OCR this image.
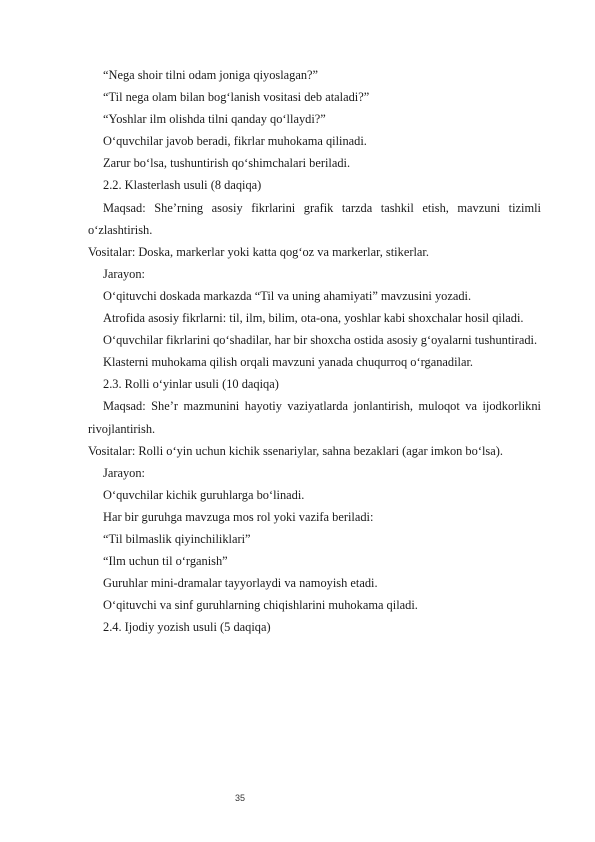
“Nega shoir tilni odam joniga qiyoslagan?”

“Til nega olam bilan bog‘lanish vositasi deb ataladi?”

“Yoshlar ilm olishda tilni qanday qo‘llaydi?”

O‘quvchilar javob beradi, fikrlar muhokama qilinadi.

Zarur bo‘lsa, tushuntirish qo‘shimchalari beriladi.

2.2. Klasterlash usuli (8 daqiqa)

Maqsad: She’rning asosiy fikrlarini grafik tarzda tashkil etish, mavzuni tizimli o‘zlashtirish.

Vositalar: Doska, markerlar yoki katta qog‘oz va markerlar, stikerlar.

Jarayon:

O‘qituvchi doskada markazda “Til va uning ahamiyati” mavzusini yozadi.

Atrofida asosiy fikrlarni: til, ilm, bilim, ota-ona, yoshlar kabi shoxchalar hosil qiladi.

O‘quvchilar fikrlarini qo‘shadilar, har bir shoxcha ostida asosiy g‘oyalarni tushuntiradi.

Klasterni muhokama qilish orqali mavzuni yanada chuqurroq o‘rganadilar.

2.3. Rolli o‘yinlar usuli (10 daqiqa)

Maqsad: She’r mazmunini hayotiy vaziyatlarda jonlantirish, muloqot va ijodkorlikni rivojlantirish.

Vositalar: Rolli o‘yin uchun kichik ssenariylar, sahna bezaklari (agar imkon bo‘lsa).

Jarayon:

O‘quvchilar kichik guruhlarga bo‘linadi.

Har bir guruhga mavzuga mos rol yoki vazifa beriladi:

“Til bilmaslik qiyinchiliklari”

“Ilm uchun til o‘rganish”

Guruhlar mini-dramalar tayyorlaydi va namoyish etadi.

O‘qituvchi va sinf guruhlarning chiqishlarini muhokama qiladi.

2.4. Ijodiy yozish usuli (5 daqiqa)

35
